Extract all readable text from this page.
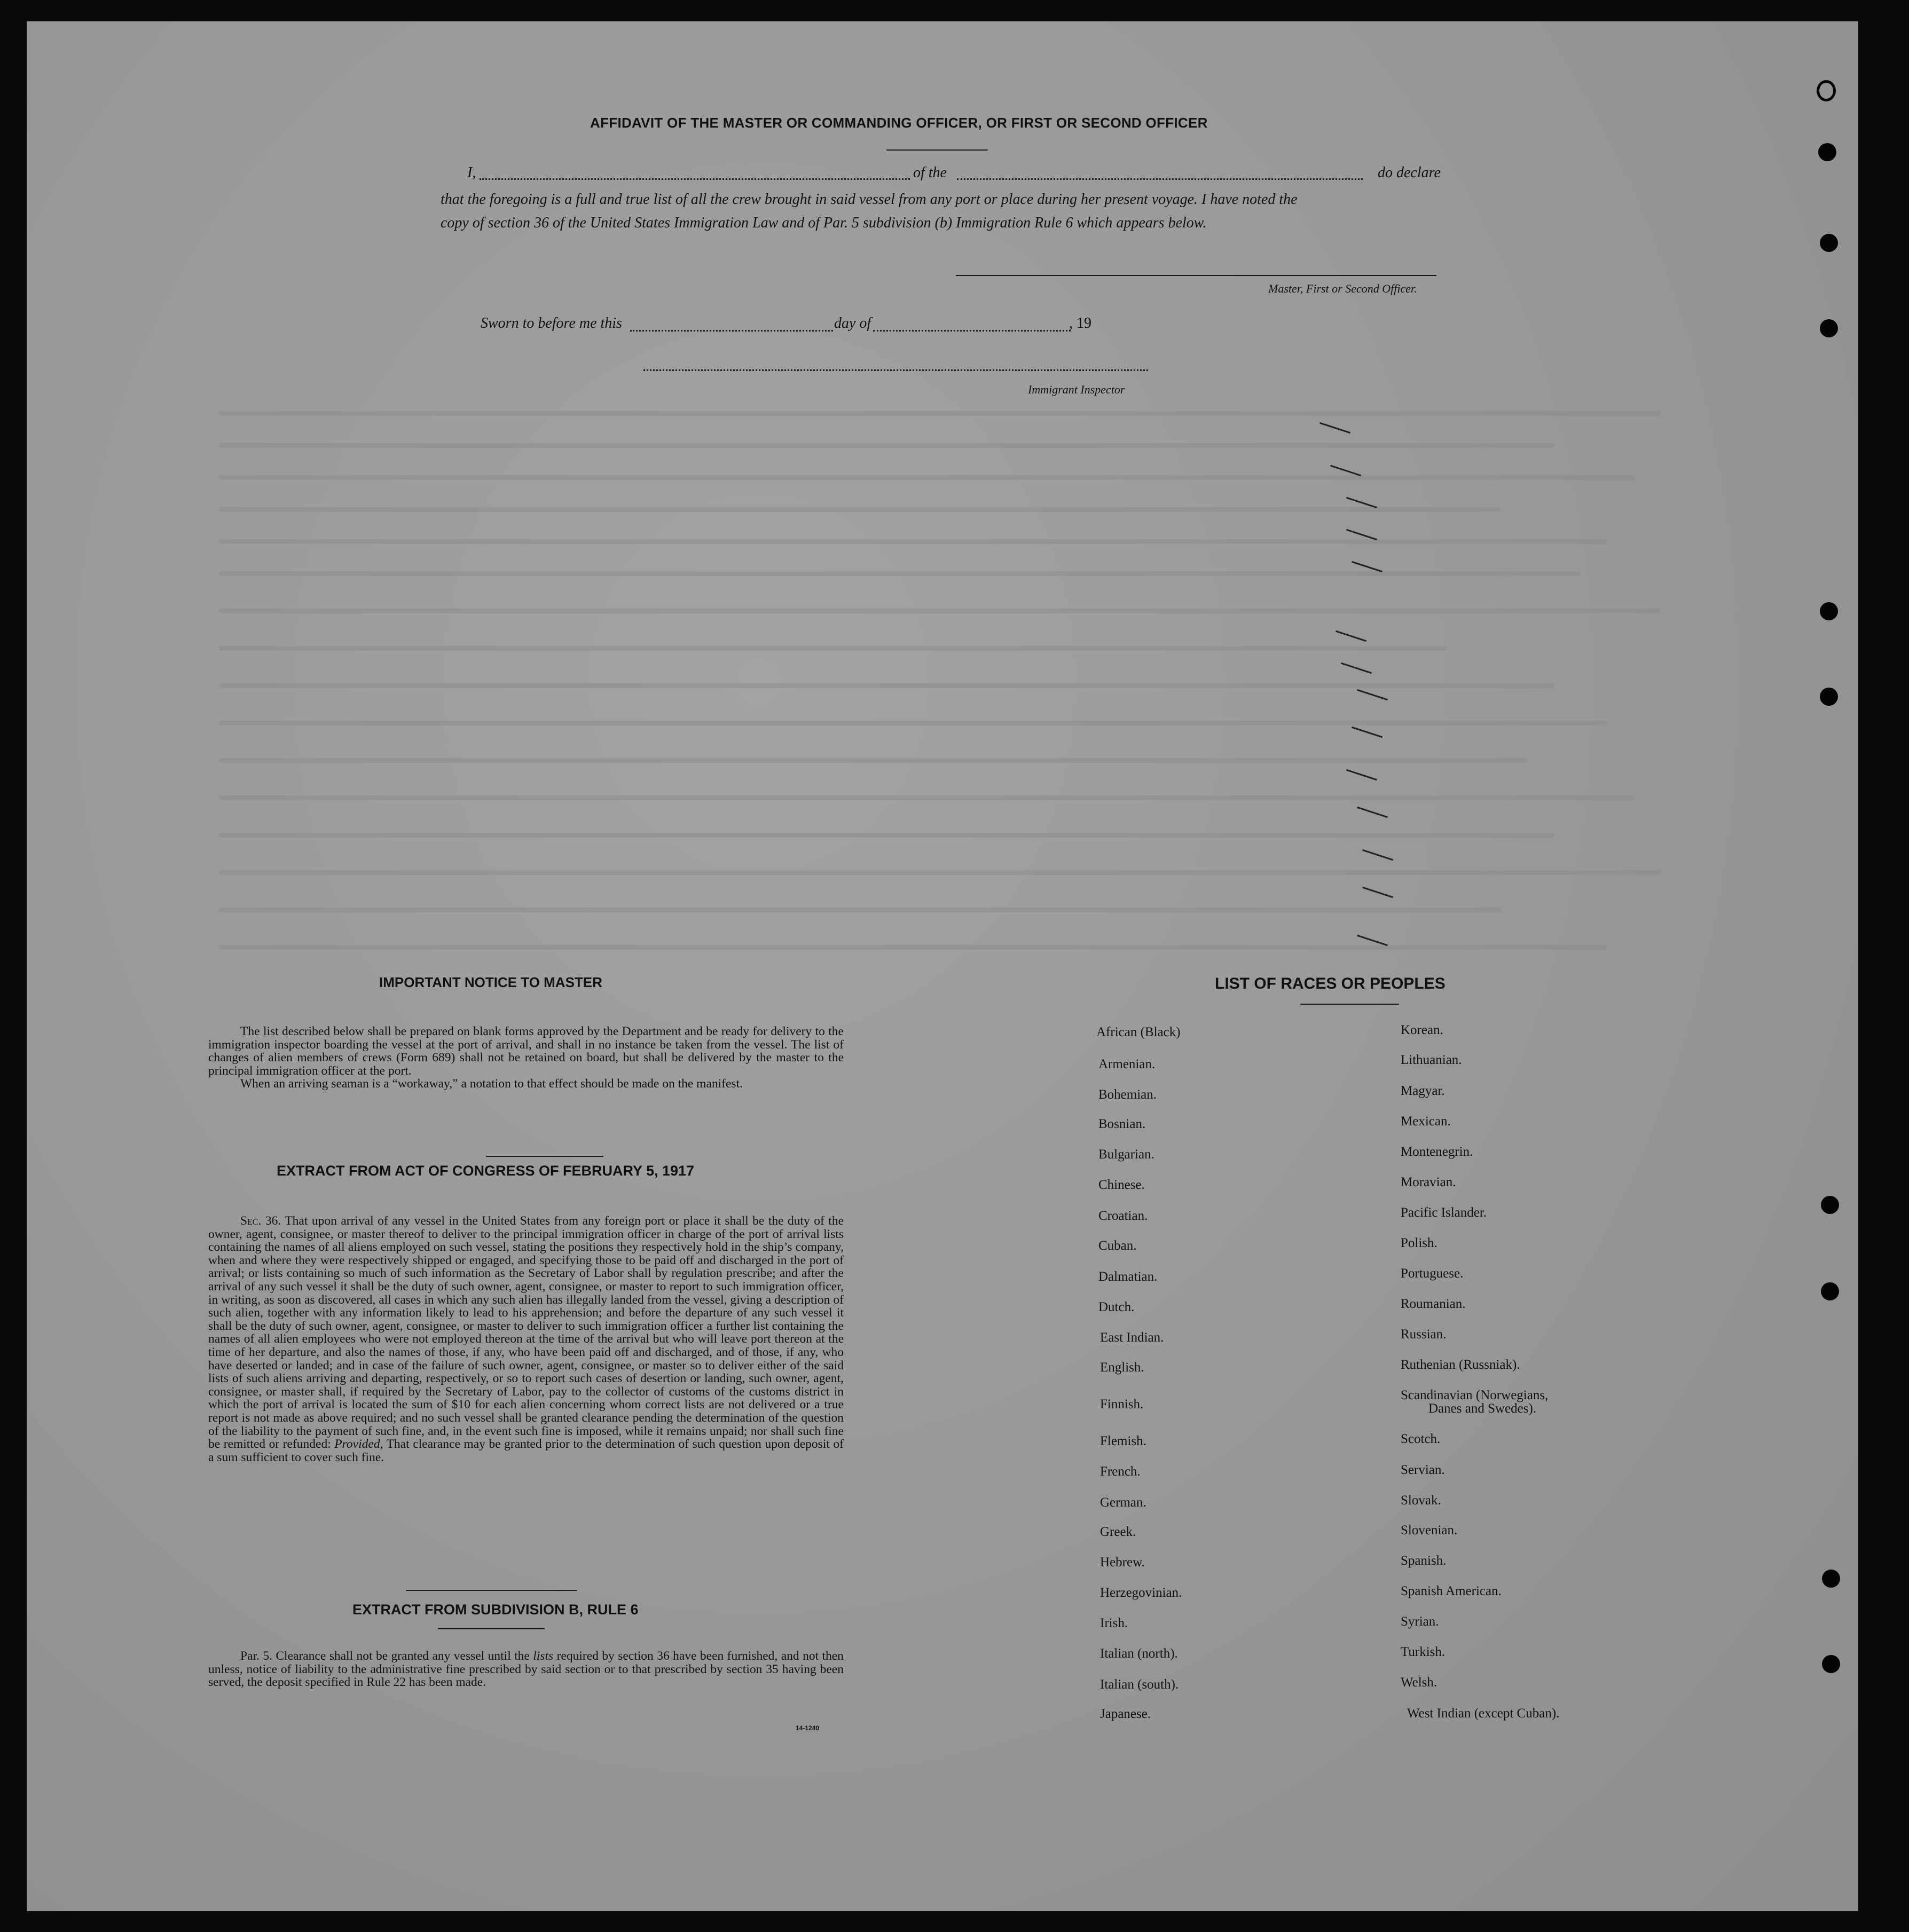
AFFIDAVIT OF THE MASTER OR COMMANDING OFFICER, OR FIRST OR SECOND OFFICER
I,	of the	do declare
that the foregoing is a full and true list of all the crew brought in said vessel from any port or place during her present voyage. I have noted the
copy of section 36 of the United States Immigration Law and of Par. 5 subdivision (b) Immigration Rule 6 which appears below.
Master, First or Second Officer.
Sworn to before me this	day of	, 19
Immigrant Inspector
IMPORTANT NOTICE TO MASTER

The list described below shall be prepared on blank forms approved by the Department and be ready for delivery to the immigration inspector boarding the vessel at the port of arrival, and shall in no instance be taken from the vessel. The list of changes of alien members of crews (Form 689) shall not be retained on board, but shall be delivered by the master to the principal immigration officer at the port.

When an arriving seaman is a “workaway,” a notation to that effect should be made on the manifest.

EXTRACT FROM ACT OF CONGRESS OF FEBRUARY 5, 1917

Sec. 36. That upon arrival of any vessel in the United States from any foreign port or place it shall be the duty of the owner, agent, consignee, or master thereof to deliver to the principal immigration officer in charge of the port of arrival lists containing the names of all aliens employed on such vessel, stating the positions they respectively hold in the ship’s company, when and where they were respectively shipped or engaged, and specifying those to be paid off and discharged in the port of arrival; or lists containing so much of such information as the Secretary of Labor shall by regulation prescribe; and after the arrival of any such vessel it shall be the duty of such owner, agent, consignee, or master to report to such immigration officer, in writing, as soon as discovered, all cases in which any such alien has illegally landed from the vessel, giving a description of such alien, together with any information likely to lead to his apprehension; and before the departure of any such vessel it shall be the duty of such owner, agent, consignee, or master to deliver to such immigration officer a further list containing the names of all alien employees who were not employed thereon at the time of the arrival but who will leave port thereon at the time of her departure, and also the names of those, if any, who have been paid off and discharged, and of those, if any, who have deserted or landed; and in case of the failure of such owner, agent, consignee, or master so to deliver either of the said lists of such aliens arriving and departing, respectively, or so to report such cases of desertion or landing, such owner, agent, consignee, or master shall, if required by the Secretary of Labor, pay to the collector of customs of the customs district in which the port of arrival is located the sum of $10 for each alien concerning whom correct lists are not delivered or a true report is not made as above required; and no such vessel shall be granted clearance pending the determination of the question of the liability to the payment of such fine, and, in the event such fine is imposed, while it remains unpaid; nor shall such fine be remitted or refunded: Provided, That clearance may be granted prior to the determination of such question upon deposit of a sum sufficient to cover such fine.

EXTRACT FROM SUBDIVISION B, RULE 6

Par. 5. Clearance shall not be granted any vessel until the lists required by section 36 have been furnished, and not then unless, notice of liability to the administrative fine prescribed by said section or to that prescribed by section 35 having been served, the deposit specified in Rule 22 has been made.

14-1240
LIST OF RACES OR PEOPLES
African (Black)
Armenian.
Bohemian.
Bosnian.
Bulgarian.
Chinese.
Croatian.
Cuban.
Dalmatian.
Dutch.
East Indian.
English.
Finnish.
Flemish.
French.
German.
Greek.
Hebrew.
Herzegovinian.
Irish.
Italian (north).
Italian (south).
Japanese.
Korean.
Lithuanian.
Magyar.
Mexican.
Montenegrin.
Moravian.
Pacific Islander.
Polish.
Portuguese.
Roumanian.
Russian.
Ruthenian (Russniak).
Scandinavian (Norwegians,
Danes and Swedes).
Scotch.
Servian.
Slovak.
Slovenian.
Spanish.
Spanish American.
Syrian.
Turkish.
Welsh.
West Indian (except Cuban).
